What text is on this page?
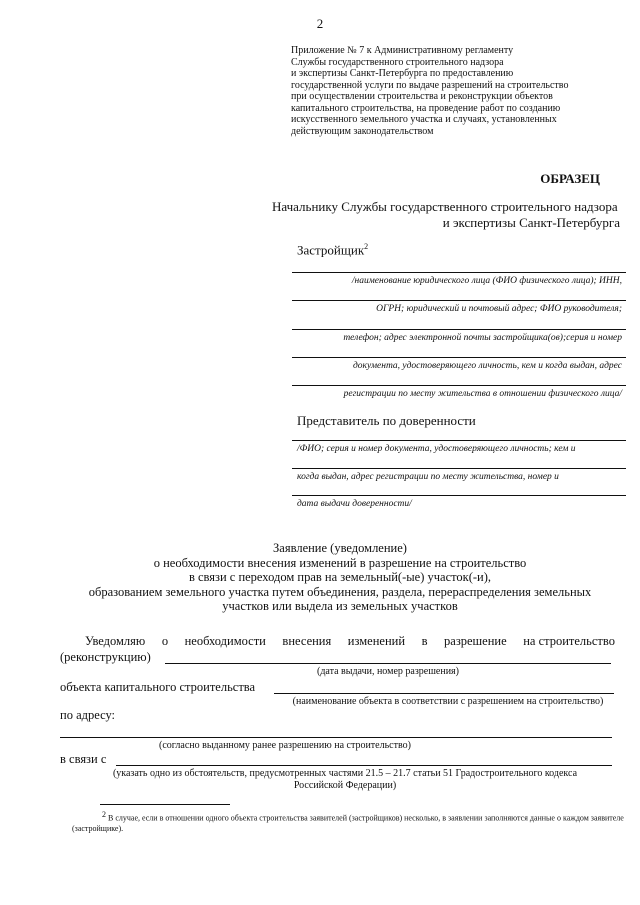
2
Приложение № 7 к Административному регламенту
Службы государственного строительного надзора
и экспертизы Санкт-Петербурга по предоставлению
государственной услуги по выдаче разрешений на строительство
при осуществлении строительства и реконструкции объектов
капитального строительства, на проведение работ по созданию
искусственного земельного участка и случаях, установленных
действующим законодательством
ОБРАЗЕЦ
Начальнику Службы государственного строительного надзора
и экспертизы Санкт-Петербурга
Застройщик$^2$
/наименование юридического лица (ФИО физического лица); ИНН,
ОГРН; юридический и почтовый адрес; ФИО руководителя;
телефон; адрес электронной почты застройщика(ов);серия и номер
документа, удостоверяющего личность, кем и когда выдан, адрес
регистрации по месту жительства в отношении физического лица/
Представитель по доверенности
/ФИО; серия и номер документа, удостоверяющего личность; кем и
когда выдан, адрес регистрации по месту жительства, номер и
дата выдачи доверенности/
Заявление (уведомление)
о необходимости внесения изменений в разрешение на строительство
в связи с переходом прав на земельный(-ые) участок(-и),
образованием земельного участка путем объединения, раздела, перераспределения земельных
участков или выдела из земельных участков
Уведомляю о необходимости внесения изменений в разрешение на строительство
(реконструкцию)
(дата выдачи, номер разрешения)
объекта капитального строительства
(наименование объекта в соответствии с разрешением на строительство)
по адресу:
(согласно выданному ранее разрешению на строительство)
в связи с
(указать одно из обстоятельств, предусмотренных частями 21.5 – 21.7 статьи 51 Градостроительного кодекса
Российской Федерации)
$^2$ В случае, если в отношении одного объекта строительства заявителей (застройщиков) несколько, в заявлении заполняются данные о каждом заявителе (застройщике).
